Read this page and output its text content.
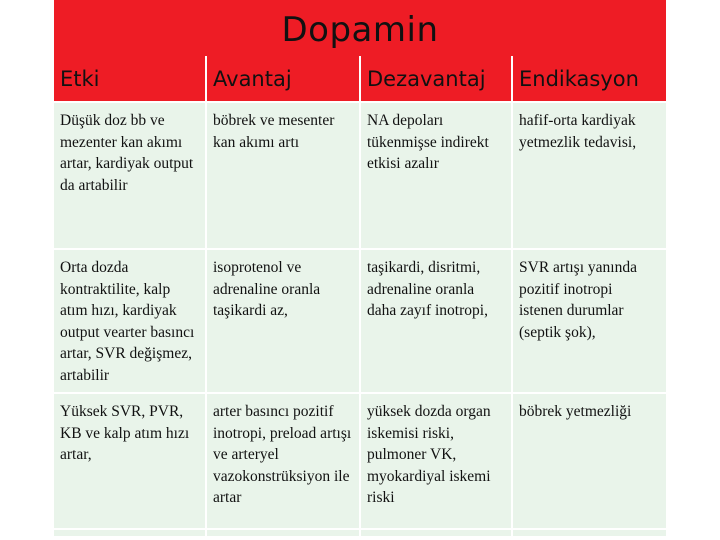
Dopamin
Etki	Avantaj	Dezavantaj	Endikasyon
Düşük doz bb ve mezenter kan akımı artar, kardiyak output da artabilir	böbrek ve mesenter kan akımı artı	NA depoları tükenmişse indirekt etkisi azalır	hafif-orta kardiyak yetmezlik tedavisi,
Orta dozda kontraktilite, kalp atım hızı, kardiyak output vearter basıncı artar, SVR değişmez, artabilir	isoprotenol ve adrenaline oranla taşikardi az,	taşikardi, disritmi, adrenaline oranla daha zayıf inotropi,	SVR artışı yanında pozitif inotropi istenen durumlar (septik şok),
Yüksek SVR, PVR, KB ve kalp atım hızı artar,	arter basıncı pozitif inotropi, preload artışı ve arteryel vazokonstrüksiyon ile artar	yüksek dozda organ iskemisi riski, pulmoner VK, myokardiyal iskemi riski	böbrek yetmezliği
